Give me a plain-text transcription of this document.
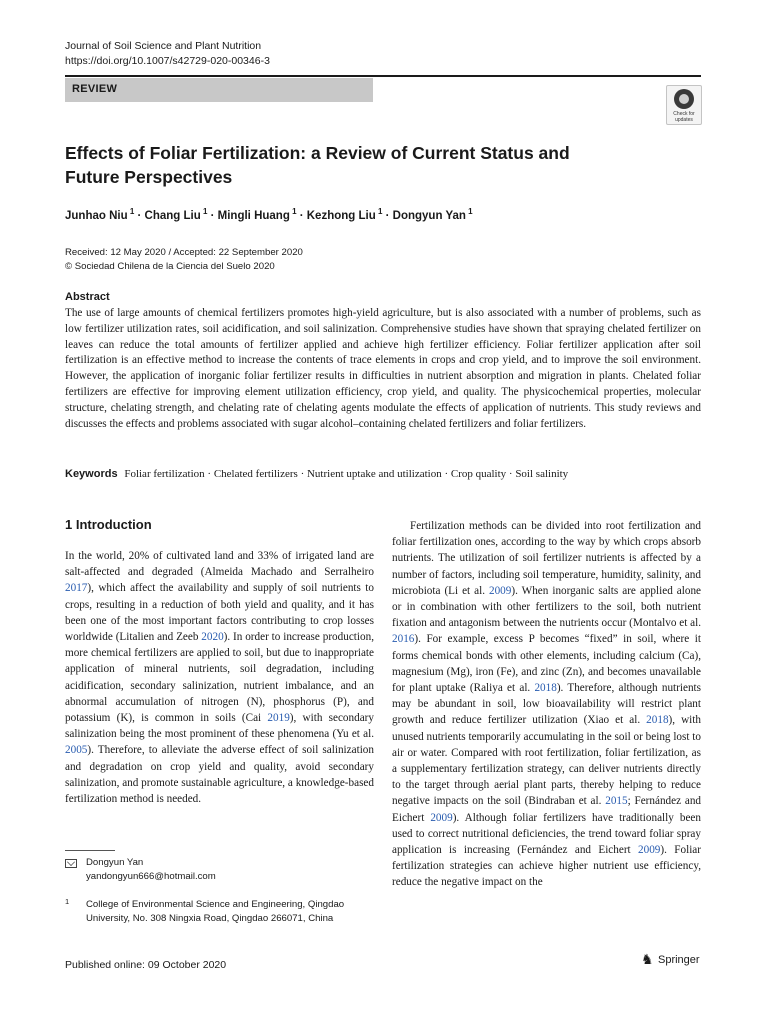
Journal of Soil Science and Plant Nutrition
https://doi.org/10.1007/s42729-020-00346-3
REVIEW
Check for updates
Effects of Foliar Fertilization: a Review of Current Status and Future Perspectives
Junhao Niu $^1$ · Chang Liu $^1$ · Mingli Huang $^1$ · Kezhong Liu $^1$ · Dongyun Yan $^1$
Received: 12 May 2020 / Accepted: 22 September 2020
© Sociedad Chilena de la Ciencia del Suelo 2020
Abstract
The use of large amounts of chemical fertilizers promotes high-yield agriculture, but is also associated with a number of problems, such as low fertilizer utilization rates, soil acidification, and soil salinization. Comprehensive studies have shown that spraying chelated fertilizer on leaves can reduce the total amounts of fertilizer applied and achieve high fertilizer efficiency. Foliar fertilizer application after soil fertilization is an effective method to increase the contents of trace elements in crops and crop yield, and to improve the soil environment. However, the application of inorganic foliar fertilizer results in difficulties in nutrient absorption and migration in plants. Chelated foliar fertilizers are effective for improving element utilization efficiency, crop yield, and quality. The physicochemical properties, molecular structure, chelating strength, and chelating rate of chelating agents modulate the effects of application of nutrients. This study reviews and discusses the effects and problems associated with sugar alcohol–containing chelated fertilizers and foliar fertilizers.
Keywords Foliar fertilization · Chelated fertilizers · Nutrient uptake and utilization · Crop quality · Soil salinity
1 Introduction

In the world, 20% of cultivated land and 33% of irrigated land are salt-affected and degraded (Almeida Machado and Serralheiro 2017), which affect the availability and supply of soil nutrients to crops, resulting in a reduction of both yield and quality, and it has been one of the most important factors contributing to crop losses worldwide (Litalien and Zeeb 2020). In order to increase production, more chemical fertilizers are applied to soil, but due to inappropriate application of mineral nutrients, soil degradation, including acidification, secondary salinization, nutrient imbalance, and an abnormal accumulation of nitrogen (N), phosphorus (P), and potassium (K), is common in soils (Cai 2019), with secondary salinization being the most prominent of these phenomena (Yu et al. 2005). Therefore, to alleviate the adverse effect of soil salinization and degradation on crop yield and quality, avoid secondary salinization, and promote sustainable agriculture, a knowledge-based fertilization method is needed.

Fertilization methods can be divided into root fertilization and foliar fertilization ones, according to the way by which crops absorb nutrients. The utilization of soil fertilizer nutrients is affected by a number of factors, including soil temperature, humidity, salinity, and microbiota (Li et al. 2009). When inorganic salts are applied alone or in combination with other fertilizers to the soil, both nutrient fixation and antagonism between the nutrients occur (Montalvo et al. 2016). For example, excess P becomes “fixed” in soil, where it forms chemical bonds with other elements, including calcium (Ca), magnesium (Mg), iron (Fe), and zinc (Zn), and becomes unavailable for plant uptake (Raliya et al. 2018). Therefore, although nutrients may be abundant in soil, low bioavailability will restrict plant growth and reduce fertilizer utilization (Xiao et al. 2018), with unused nutrients temporarily accumulating in the soil or being lost to air or water. Compared with root fertilization, foliar fertilization, as a supplementary fertilization strategy, can deliver nutrients directly to the target through aerial plant parts, thereby helping to reduce negative impacts on the soil (Bindraban et al. 2015; Fernández and Eichert 2009). Although foliar fertilizers have traditionally been used to correct nutritional deficiencies, the trend toward foliar spray application is increasing (Fernández and Eichert 2009). Foliar fertilization strategies can achieve higher nutrient use efficiency, reduce the negative impact on the

Dongyun Yan
yandongyun666@hotmail.com
1 College of Environmental Science and Engineering, Qingdao University, No. 308 Ningxia Road, Qingdao 266071, China
Published online: 09 October 2020	♞ Springer
